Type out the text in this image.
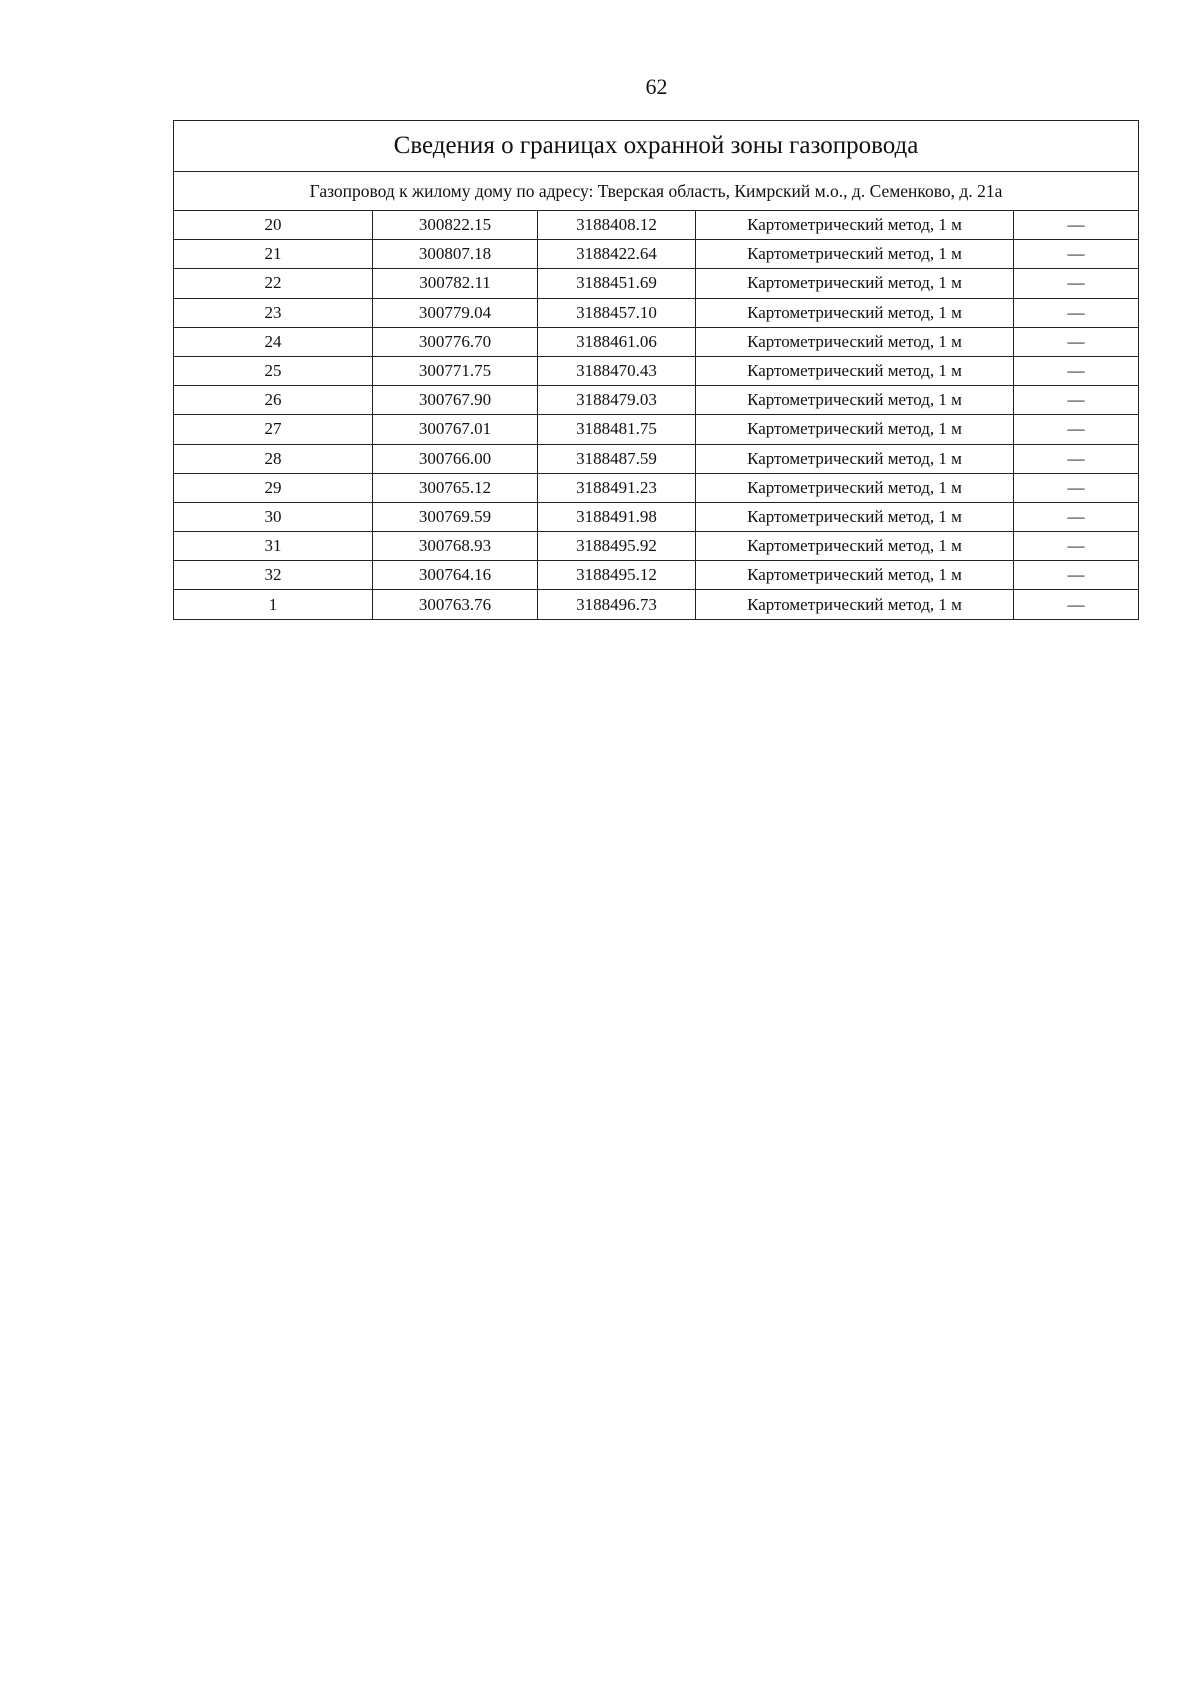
62
Сведения о границах охранной зоны газопровода				
Газопровод к жилому дому по адресу: Тверская область, Кимрский м.о., д. Семенково, д. 21а				
20	300822.15	3188408.12	Картометрический метод, 1 м	—
21	300807.18	3188422.64	Картометрический метод, 1 м	—
22	300782.11	3188451.69	Картометрический метод, 1 м	—
23	300779.04	3188457.10	Картометрический метод, 1 м	—
24	300776.70	3188461.06	Картометрический метод, 1 м	—
25	300771.75	3188470.43	Картометрический метод, 1 м	—
26	300767.90	3188479.03	Картометрический метод, 1 м	—
27	300767.01	3188481.75	Картометрический метод, 1 м	—
28	300766.00	3188487.59	Картометрический метод, 1 м	—
29	300765.12	3188491.23	Картометрический метод, 1 м	—
30	300769.59	3188491.98	Картометрический метод, 1 м	—
31	300768.93	3188495.92	Картометрический метод, 1 м	—
32	300764.16	3188495.12	Картометрический метод, 1 м	—
1	300763.76	3188496.73	Картометрический метод, 1 м	—
